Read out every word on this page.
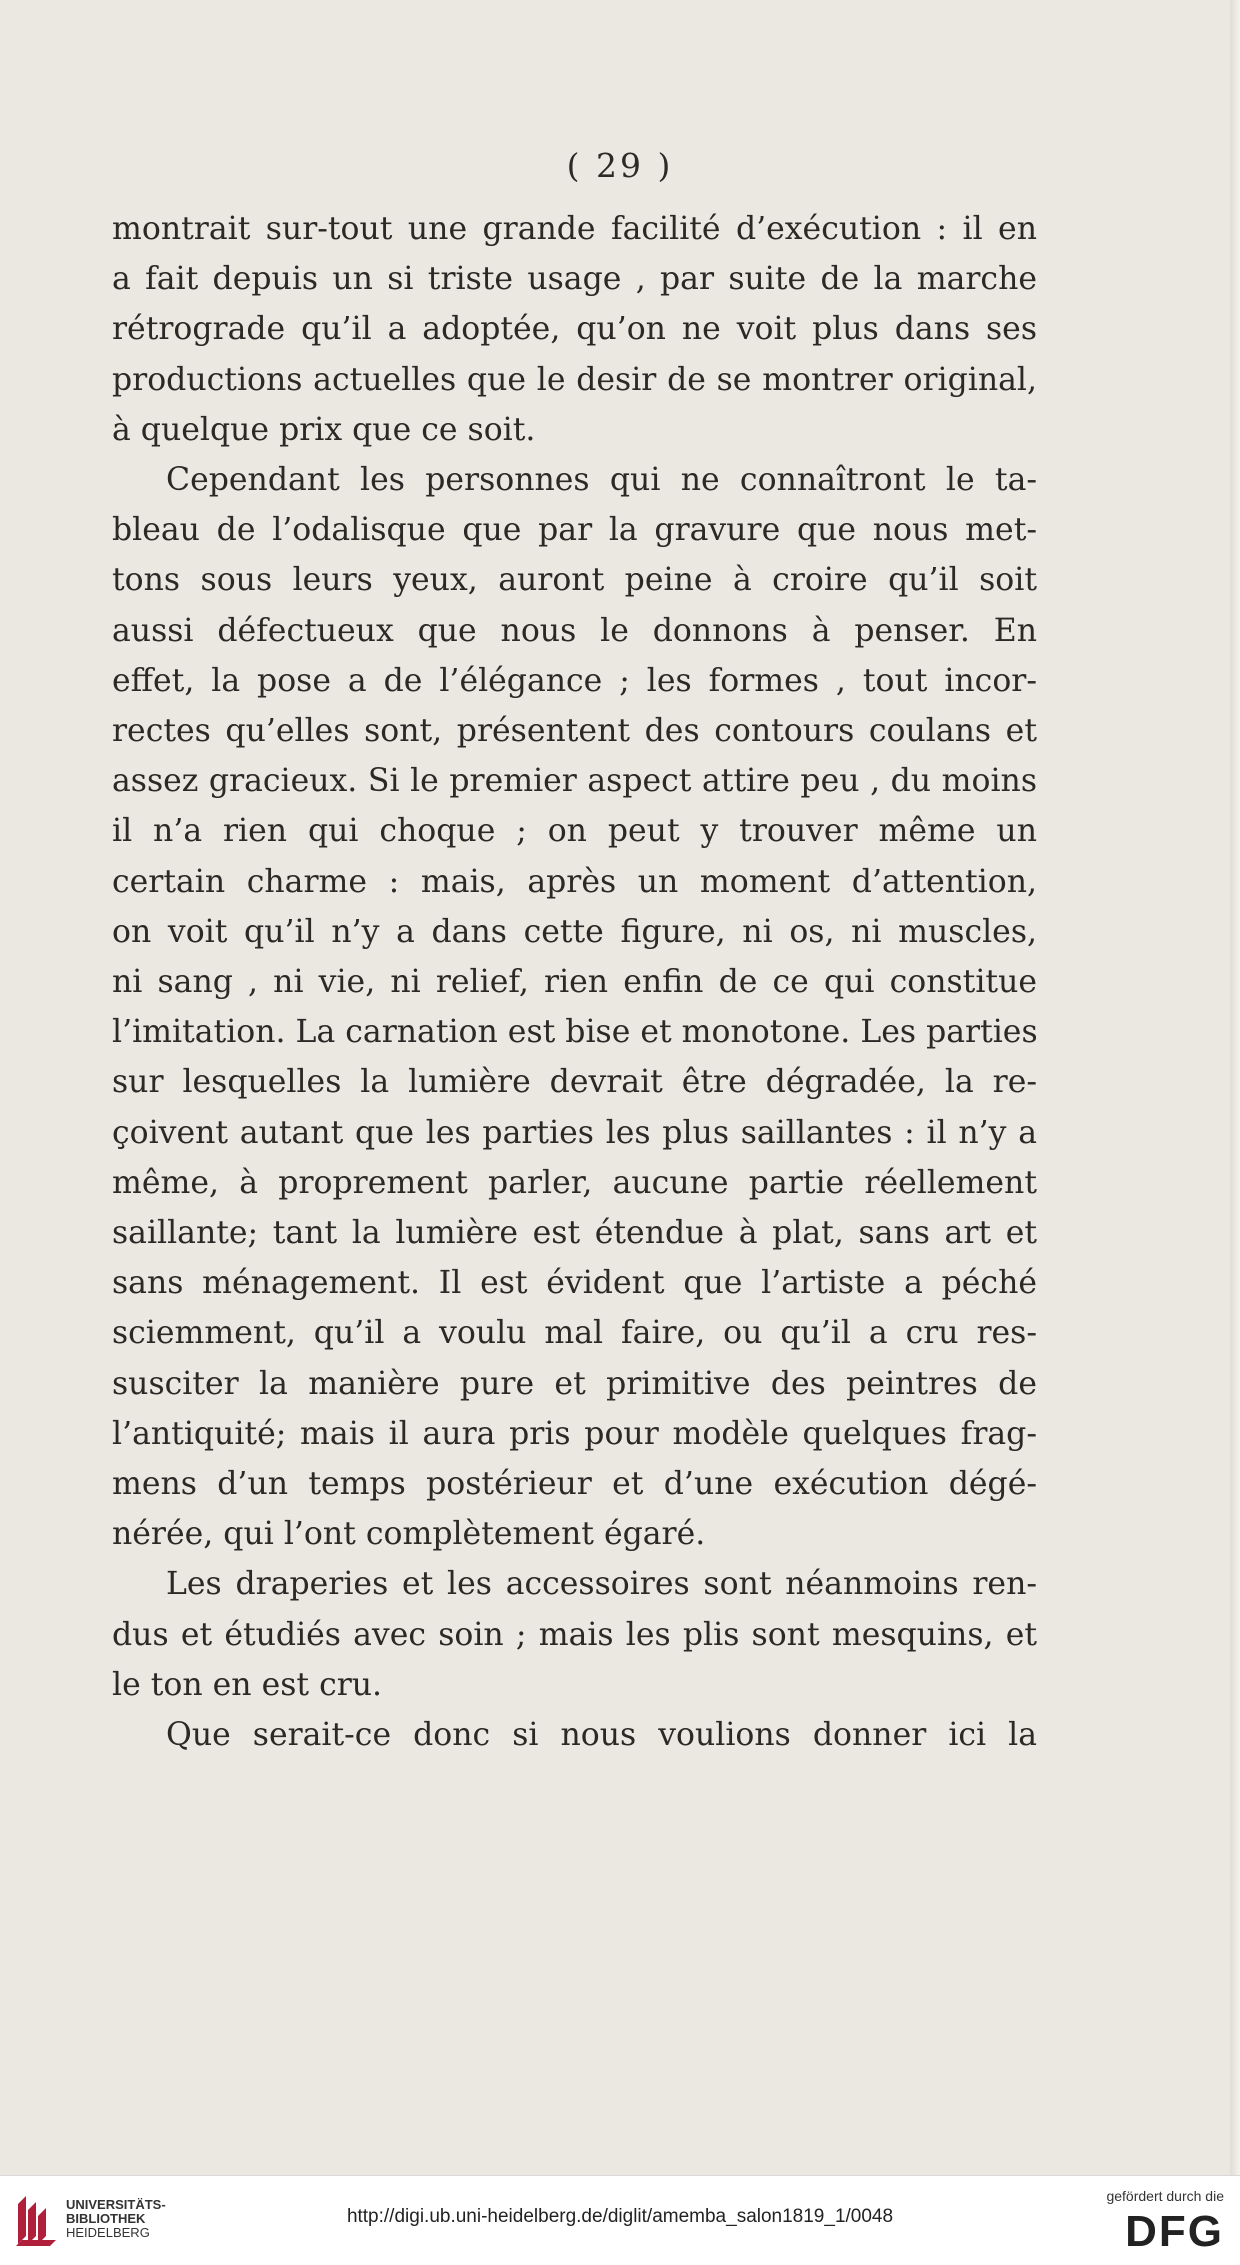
( 29 )

montrait sur-tout une grande facilité d’exécution : il en

a fait depuis un si triste usage , par suite de la marche

rétrograde qu’il a adoptée, qu’on ne voit plus dans ses

productions actuelles que le desir de se montrer original,

à quelque prix que ce soit.

Cependant les personnes qui ne connaîtront le ta-

bleau de l’odalisque que par la gravure que nous met-

tons sous leurs yeux, auront peine à croire qu’il soit

aussi défectueux que nous le donnons à penser. En

effet, la pose a de l’élégance ; les formes , tout incor-

rectes qu’elles sont, présentent des contours coulans et

assez gracieux. Si le premier aspect attire peu , du moins

il n’a rien qui choque ; on peut y trouver même un

certain charme : mais, après un moment d’attention,

on voit qu’il n’y a dans cette figure, ni os, ni muscles,

ni sang , ni vie, ni relief, rien enfin de ce qui constitue

l’imitation. La carnation est bise et monotone. Les parties

sur lesquelles la lumière devrait être dégradée, la re-

çoivent autant que les parties les plus saillantes : il n’y a

même, à proprement parler, aucune partie réellement

saillante; tant la lumière est étendue à plat, sans art et

sans ménagement. Il est évident que l’artiste a péché

sciemment, qu’il a voulu mal faire, ou qu’il a cru res-

susciter la manière pure et primitive des peintres de

l’antiquité; mais il aura pris pour modèle quelques frag-

mens d’un temps postérieur et d’une exécution dégé-

nérée, qui l’ont complètement égaré.

Les draperies et les accessoires sont néanmoins ren-

dus et étudiés avec soin ; mais les plis sont mesquins, et

le ton en est cru.

Que serait-ce donc si nous voulions donner ici la

UNIVERSITÄTS-
BIBLIOTHEK
HEIDELBERG
http://digi.ub.uni-heidelberg.de/diglit/amemba_salon1819_1/0048
gefördert durch die
DFG
